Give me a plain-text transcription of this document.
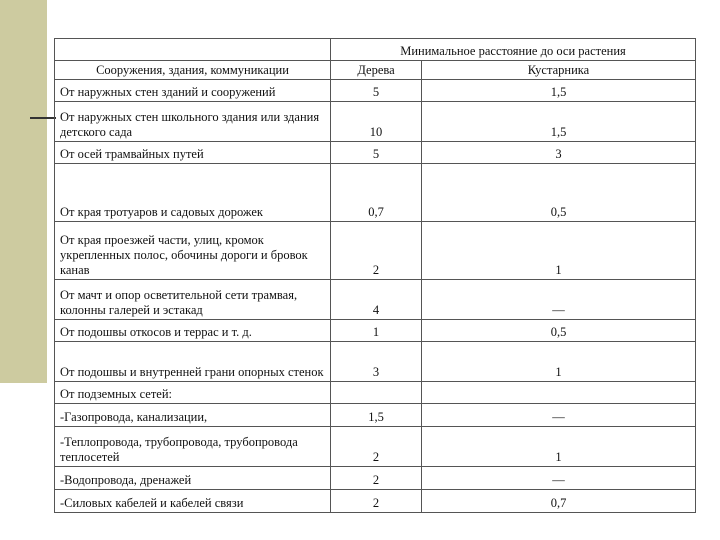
	Минимальное расстояние до оси растения	
Сооружения, здания, коммуникации	Дерева	Кустарника
От наружных стен зданий и сооружений	5	1,5
От наружных стен школьного здания или здания детского сада	10	1,5
От осей трамвайных путей	5	3
От края тротуаров и садовых дорожек	0,7	0,5
От края проезжей части, улиц, кромок укрепленных полос, обочины дороги и бровок канав	2	1
От мачт и опор осветительной сети трамвая, колонны галерей и эстакад	4	—
От подошвы откосов и террас и т. д.	1	0,5
От подошвы и внутренней грани опорных стенок	3	1
От подземных сетей:		
-Газопровода, канализации,	1,5	—
-Теплопровода, трубопровода, трубопровода теплосетей	2	1
-Водопровода, дренажей	2	—
-Силовых кабелей и кабелей связи	2	0,7
